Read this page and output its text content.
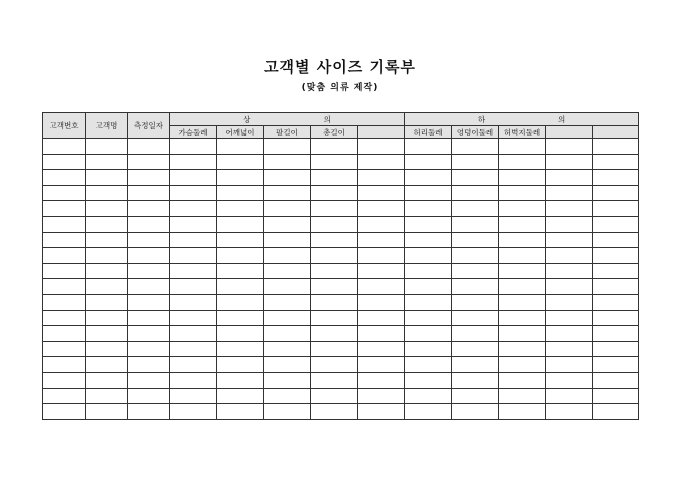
고객별 사이즈 기록부
(맞춤 의류 제작)
고객번호	고객명	측정일자	상 의					하 의				

			가슴둘레	어깨넓이	팔길이	총길이		허리둘레	엉덩이둘레	허벅지둘레		
